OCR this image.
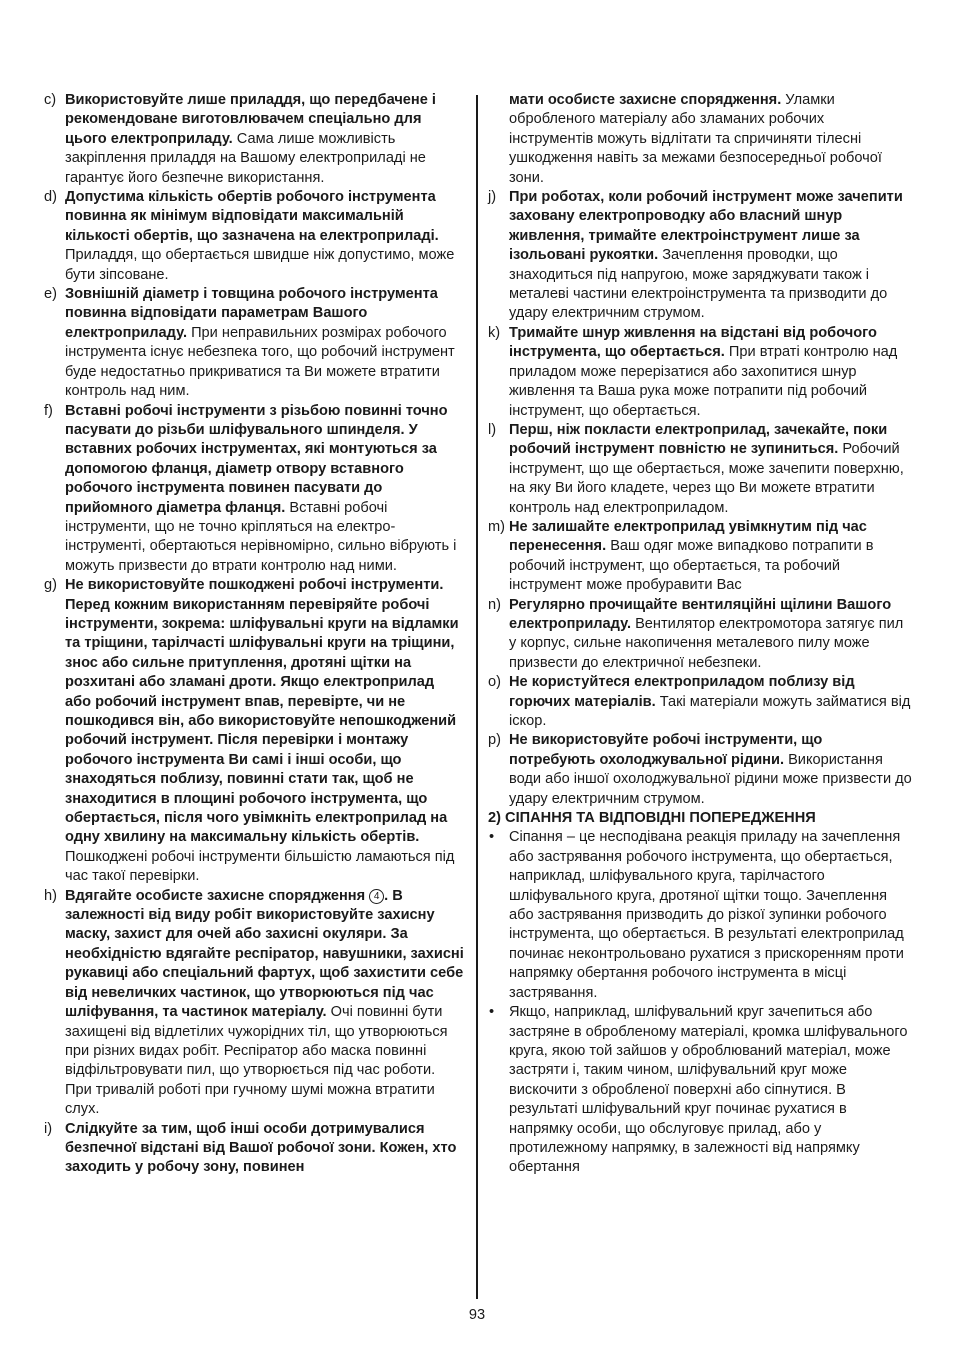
c) Використовуйте лише приладдя, що передбачене і рекомендоване виготовлювачем спеціально для цього електроприладу. Сама лише можливість закріплення приладдя на Вашому електроприладі не гарантує його безпечне використання.
d) Допустима кількість обертів робочого інструмента повинна як мінімум відповідати максимальній кількості обертів, що зазначена на електроприладі. Приладдя, що обертається швидше ніж допустимо, може бути зіпсоване.
e) Зовнішній діаметр і товщина робочого інструмента повинна відповідати параметрам Вашого електроприладу. При неправильних розмірах робочого інструмента існує небезпека того, що робочий інструмент буде недостатньо прикриватися та Ви можете втратити контроль над ним.
f) Вставні робочі інструменти з різьбою повинні точно пасувати до різьби шліфувального шпинделя. У вставних робочих інструментах, які монтуються за допомогою фланця, діаметр отвору вставного робочого інструмента повинен пасувати до прийомного діаметра фланця. Вставні робочі інструменти, що не точно кріпляться на електро-інструменті, обертаються нерівномірно, сильно вібрують і можуть призвести до втрати контролю над ними.
g) Не використовуйте пошкоджені робочі інструменти. Перед кожним використанням перевіряйте робочі інструменти, зокрема: шліфувальні круги на відламки та тріщини, тарілчасті шліфувальні круги на тріщини, знос або сильне притуплення, дротяні щітки на розхитані або зламані дроти. Якщо електроприлад або робочий інструмент впав, перевірте, чи не пошкодився він, або використовуйте непошкоджений робочий інструмент. Після перевірки і монтажу робочого інструмента Ви самі і інші особи, що знаходяться поблизу, повинні стати так, щоб не знаходитися в площині робочого інструмента, що обертається, після чого увімкніть електроприлад на одну хвилину на максимальну кількість обертів. Пошкоджені робочі інструменти більшістю ламаються під час такої перевірки.
h) Вдягайте особисте захисне спорядження 4 . В залежності від виду робіт використовуйте захисну маску, захист для очей або захисні окуляри. За необхідністю вдягайте респіратор, навушники, захисні рукавиці або спеціальний фартух, щоб захистити себе від невеличких частинок, що утворюються під час шліфування, та частинок матеріалу. Очі повинні бути захищені від відлетілих чужорідних тіл, що утворюються при різних видах робіт. Респіратор або маска повинні відфільтровувати пил, що утворюється під час роботи. При тривалій роботі при гучному шумі можна втратити слух.
i) Слідкуйте за тим, щоб інші особи дотримувалися безпечної відстані від Вашої робочої зони. Кожен, хто заходить у робочу зону, повинен
мати особисте захисне спорядження. Уламки обробленого матеріалу або зламаних робочих інструментів можуть відлітати та спричиняти тілесні ушкодження навіть за межами безпосередньої робочої зони.
j) При роботах, коли робочий інструмент може зачепити заховану електропроводку або власний шнур живлення, тримайте електроінструмент лише за ізольовані рукоятки. Зачеплення проводки, що знаходиться під напругою, може заряджувати також і металеві частини електроінструмента та призводити до удару електричним струмом.
k) Тримайте шнур живлення на відстані від робочого інструмента, що обертається. При втраті контролю над приладом може перерізатися або захопитися шнур живлення та Ваша рука може потрапити під робочий інструмент, що обертається.
l) Перш, ніж покласти електроприлад, зачекайте, поки робочий інструмент повністю не зупиниться. Робочий інструмент, що ще обертається, може зачепити поверхню, на яку Ви його кладете, через що Ви можете втратити контроль над електроприладом.
m) Не залишайте електроприлад увімкнутим під час перенесення. Ваш одяг може випадково потрапити в робочий інструмент, що обертається, та робочий інструмент може пробуравити Вас
n) Регулярно прочищайте вентиляційні щілини Вашого електроприладу. Вентилятор електромотора затягує пил у корпус, сильне накопичення металевого пилу може призвести до електричної небезпеки.
o) Не користуйтеся електроприладом поблизу від горючих матеріалів. Такі матеріали можуть займатися від іскор.
p) Не використовуйте робочі інструменти, що потребують охолоджувальної рідини. Використання води або іншої охолоджувальної рідини може призвести до удару електричним струмом.
2) СІПАННЯ ТА ВІДПОВІДНІ ПОПЕРЕДЖЕННЯ
• Сіпання – це несподівана реакція приладу на зачеплення або застрявання робочого інструмента, що обертається, наприклад, шліфувального круга, тарілчастого шліфувального круга, дротяної щітки тощо. Зачеплення або застрявання призводить до різкої зупинки робочого інструмента, що обертається. В результаті електроприлад починає неконтрольовано рухатися з прискоренням проти напрямку обертання робочого інструмента в місці застрявання.
• Якщо, наприклад, шліфувальний круг зачепиться або застряне в обробленому матеріалі, кромка шліфувального круга, якою той зайшов у оброблюваний матеріал, може застряти і, таким чином, шліфувальний круг може вискочити з обробленої поверхні або сіпнутися. В результаті шліфувальний круг починає рухатися в напрямку особи, що обслуговує прилад, або у протилежному напрямку, в залежності від напрямку обертання
93
